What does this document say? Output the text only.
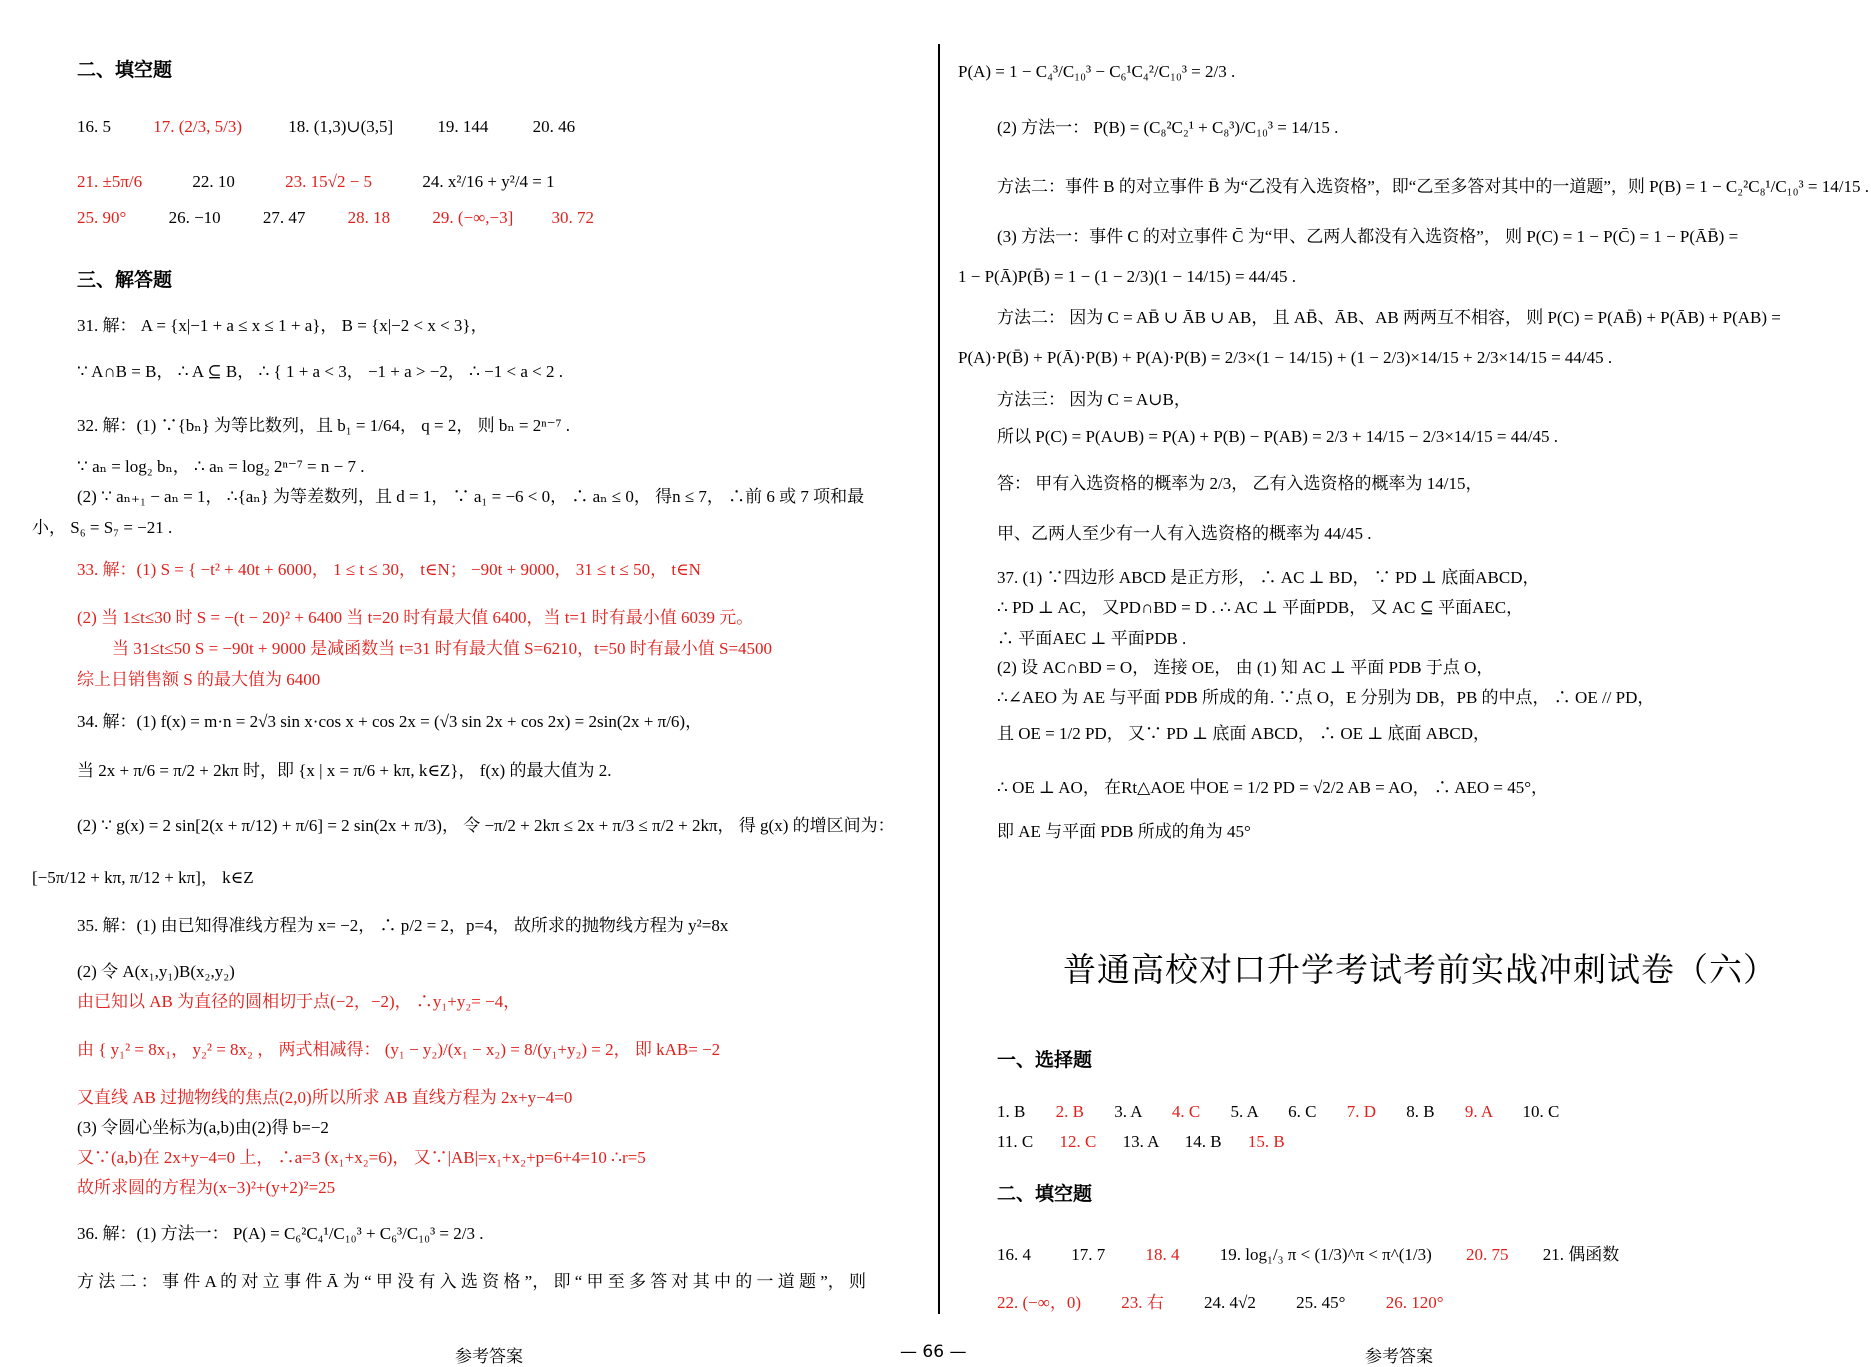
二、填空题
16. 5 17. (2/3, 5/3)	18. (1,3)∪(3,5]	19. 144	20. 46
21. ±5π/6	22. 10	23. 15√2 − 5	24. x²/16 + y²/4 = 1
25. 90° 26. −10 27. 47 28. 18 29. (−∞,−3] 30. 72
三、解答题
31. 解： A = {x|−1 + a ≤ x ≤ 1 + a}， B = {x|−2 < x < 3}，
∵ A∩B = B， ∴ A ⊆ B， ∴ { 1 + a < 3， −1 + a > −2， ∴ −1 < a < 2 .
32. 解：(1) ∵{bₙ} 为等比数列，且 b₁ = 1/64， q = 2， 则 bₙ = 2ⁿ⁻⁷ .
∵ aₙ = log₂ bₙ， ∴ aₙ = log₂ 2ⁿ⁻⁷ = n − 7 .
(2) ∵ aₙ₊₁ − aₙ = 1， ∴{aₙ} 为等差数列，且 d = 1， ∵ a₁ = −6 < 0， ∴ aₙ ≤ 0， 得n ≤ 7， ∴前 6 或 7 项和最
小， S₆ = S₇ = −21 .
33. 解：(1) S = { −t² + 40t + 6000， 1 ≤ t ≤ 30， t∈N； −90t + 9000， 31 ≤ t ≤ 50， t∈N
(2) 当 1≤t≤30 时 S = −(t − 20)² + 6400 当 t=20 时有最大值 6400，当 t=1 时有最小值 6039 元。
当 31≤t≤50 S = −90t + 9000 是减函数当 t=31 时有最大值 S=6210，t=50 时有最小值 S=4500
综上日销售额 S 的最大值为 6400
34. 解：(1) f(x) = m·n = 2√3 sin x·cos x + cos 2x = (√3 sin 2x + cos 2x) = 2sin(2x + π/6)，
当 2x + π/6 = π/2 + 2kπ 时，即 {x | x = π/6 + kπ, k∈Z}， f(x) 的最大值为 2.
(2) ∵ g(x) = 2 sin[2(x + π/12) + π/6] = 2 sin(2x + π/3)， 令 −π/2 + 2kπ ≤ 2x + π/3 ≤ π/2 + 2kπ， 得 g(x) 的增区间为：
[−5π/12 + kπ, π/12 + kπ]， k∈Z
35. 解：(1) 由已知得准线方程为 x= −2， ∴ p/2 = 2，p=4， 故所求的抛物线方程为 y²=8x
(2) 令 A(x₁,y₁)B(x₂,y₂)
由已知以 AB 为直径的圆相切于点(−2，−2)， ∴y₁+y₂= −4，
由 { y₁² = 8x₁， y₂² = 8x₂ ， 两式相减得： (y₁ − y₂)/(x₁ − x₂) = 8/(y₁+y₂) = 2， 即 kAB= −2
又直线 AB 过抛物线的焦点(2,0)所以所求 AB 直线方程为 2x+y−4=0
(3) 令圆心坐标为(a,b)由(2)得 b=−2
又∵(a,b)在 2x+y−4=0 上， ∴a=3 (x₁+x₂=6)， 又∵|AB|=x₁+x₂+p=6+4=10 ∴r=5
故所求圆的方程为(x−3)²+(y+2)²=25
36. 解：(1) 方法一： P(A) = C₆²C₄¹/C₁₀³ + C₆³/C₁₀³ = 2/3 .
方 法 二 ： 事 件 A 的 对 立 事 件 Ā 为 “ 甲 没 有 入 选 资 格 ”， 即 “ 甲 至 多 答 对 其 中 的 一 道 题 ”， 则
P(A) = 1 − C₄³/C₁₀³ − C₆¹C₄²/C₁₀³ = 2/3 .
(2) 方法一： P(B) = (C₈²C₂¹ + C₈³)/C₁₀³ = 14/15 .
方法二：事件 B 的对立事件 B̄ 为“乙没有入选资格”，即“乙至多答对其中的一道题”，则 P(B) = 1 − C₂²C₈¹/C₁₀³ = 14/15 .
(3) 方法一：事件 C 的对立事件 C̄ 为“甲、乙两人都没有入选资格”， 则 P(C) = 1 − P(C̄) = 1 − P(ĀB̄) =
1 − P(Ā)P(B̄) = 1 − (1 − 2/3)(1 − 14/15) = 44/45 .
方法二： 因为 C = AB̄ ∪ ĀB ∪ AB， 且 AB̄、ĀB、AB 两两互不相容， 则 P(C) = P(AB̄) + P(ĀB) + P(AB) =
P(A)·P(B̄) + P(Ā)·P(B) + P(A)·P(B) = 2/3×(1 − 14/15) + (1 − 2/3)×14/15 + 2/3×14/15 = 44/45 .
方法三： 因为 C = A∪B，
所以 P(C) = P(A∪B) = P(A) + P(B) − P(AB) = 2/3 + 14/15 − 2/3×14/15 = 44/45 .
答： 甲有入选资格的概率为 2/3， 乙有入选资格的概率为 14/15，
甲、乙两人至少有一人有入选资格的概率为 44/45 .
37. (1) ∵四边形 ABCD 是正方形， ∴ AC ⊥ BD， ∵ PD ⊥ 底面ABCD，
∴ PD ⊥ AC， 又PD∩BD = D . ∴ AC ⊥ 平面PDB， 又 AC ⊆ 平面AEC，
∴ 平面AEC ⊥ 平面PDB .
(2) 设 AC∩BD = O， 连接 OE， 由 (1) 知 AC ⊥ 平面 PDB 于点 O，
∴∠AEO 为 AE 与平面 PDB 所成的角. ∵点 O，E 分别为 DB，PB 的中点， ∴ OE // PD，
且 OE = 1/2 PD， 又∵ PD ⊥ 底面 ABCD， ∴ OE ⊥ 底面 ABCD，
∴ OE ⊥ AO， 在Rt△AOE 中OE = 1/2 PD = √2/2 AB = AO， ∴ AEO = 45°，
即 AE 与平面 PDB 所成的角为 45°
普通高校对口升学考试考前实战冲刺试卷（六）
一、选择题
1. B 2. B 3. A 4. C 5. A 6. C 7. D 8. B 9. A 10. C
11. C 12. C 13. A 14. B 15. B
二、填空题
16. 4 17. 7 18. 4 19. log₁/₃ π < (1/3)^π < π^(1/3) 20. 75 21. 偶函数
22. (−∞，0) 23. 右 24. 4√2 25. 45° 26. 120°
参考答案	— 66 —	参考答案
